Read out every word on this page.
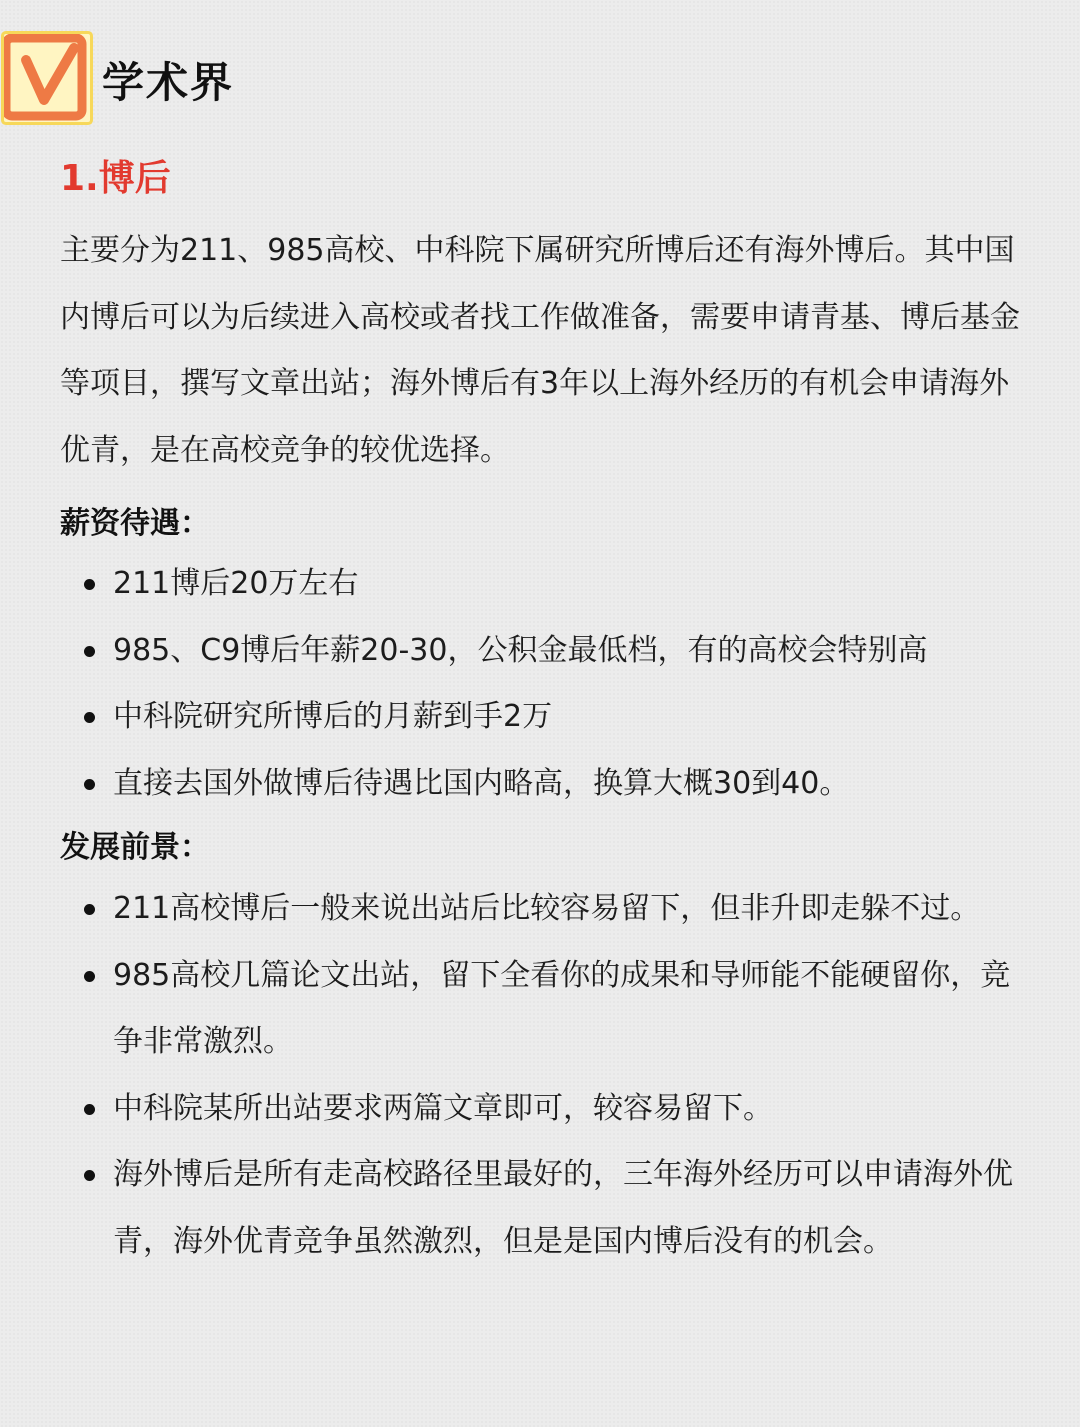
学术界
1.博后
主要分为211、985高校、中科院下属研究所博后还有海外博后。其中国内博后可以为后续进入高校或者找工作做准备，需要申请青基、博后基金等项目，撰写文章出站；海外博后有3年以上海外经历的有机会申请海外优青，是在高校竞争的较优选择。
薪资待遇：
211博后20万左右
985、C9博后年薪20-30，公积金最低档，有的高校会特别高
中科院研究所博后的月薪到手2万
直接去国外做博后待遇比国内略高，换算大概30到40。
发展前景：
211高校博后一般来说出站后比较容易留下，但非升即走躲不过。
985高校几篇论文出站，留下全看你的成果和导师能不能硬留你，竞争非常激烈。
中科院某所出站要求两篇文章即可，较容易留下。
海外博后是所有走高校路径里最好的，三年海外经历可以申请海外优青，海外优青竞争虽然激烈，但是是国内博后没有的机会。
